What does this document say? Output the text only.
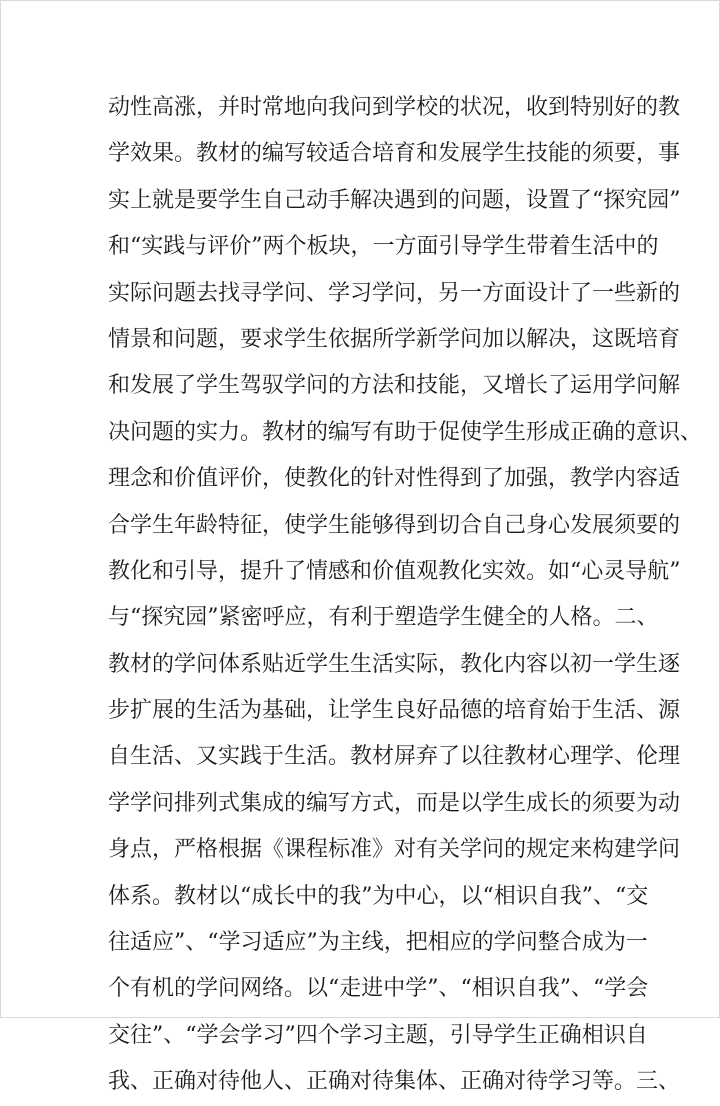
动性高涨，并时常地向我问到学校的状况，收到特别好的教
学效果。教材的编写较适合培育和发展学生技能的须要，事
实上就是要学生自己动手解决遇到的问题，设置了“探究园”
和“实践与评价”两个板块，一方面引导学生带着生活中的
实际问题去找寻学问、学习学问，另一方面设计了一些新的
情景和问题，要求学生依据所学新学问加以解决，这既培育
和发展了学生驾驭学问的方法和技能，又增长了运用学问解
决问题的实力。教材的编写有助于促使学生形成正确的意识、
理念和价值评价，使教化的针对性得到了加强，教学内容适
合学生年龄特征，使学生能够得到切合自己身心发展须要的
教化和引导，提升了情感和价值观教化实效。如“心灵导航”
与“探究园”紧密呼应，有利于塑造学生健全的人格。二、
教材的学问体系贴近学生生活实际，教化内容以初一学生逐
步扩展的生活为基础，让学生良好品德的培育始于生活、源
自生活、又实践于生活。教材屏弃了以往教材心理学、伦理
学学问排列式集成的编写方式，而是以学生成长的须要为动
身点，严格根据《课程标准》对有关学问的规定来构建学问
体系。教材以“成长中的我”为中心，以“相识自我”、“交
往适应”、“学习适应”为主线，把相应的学问整合成为一
个有机的学问网络。以“走进中学”、“相识自我”、“学会
交往”、“学会学习”四个学习主题，引导学生正确相识自
我、正确对待他人、正确对待集体、正确对待学习等。三、
